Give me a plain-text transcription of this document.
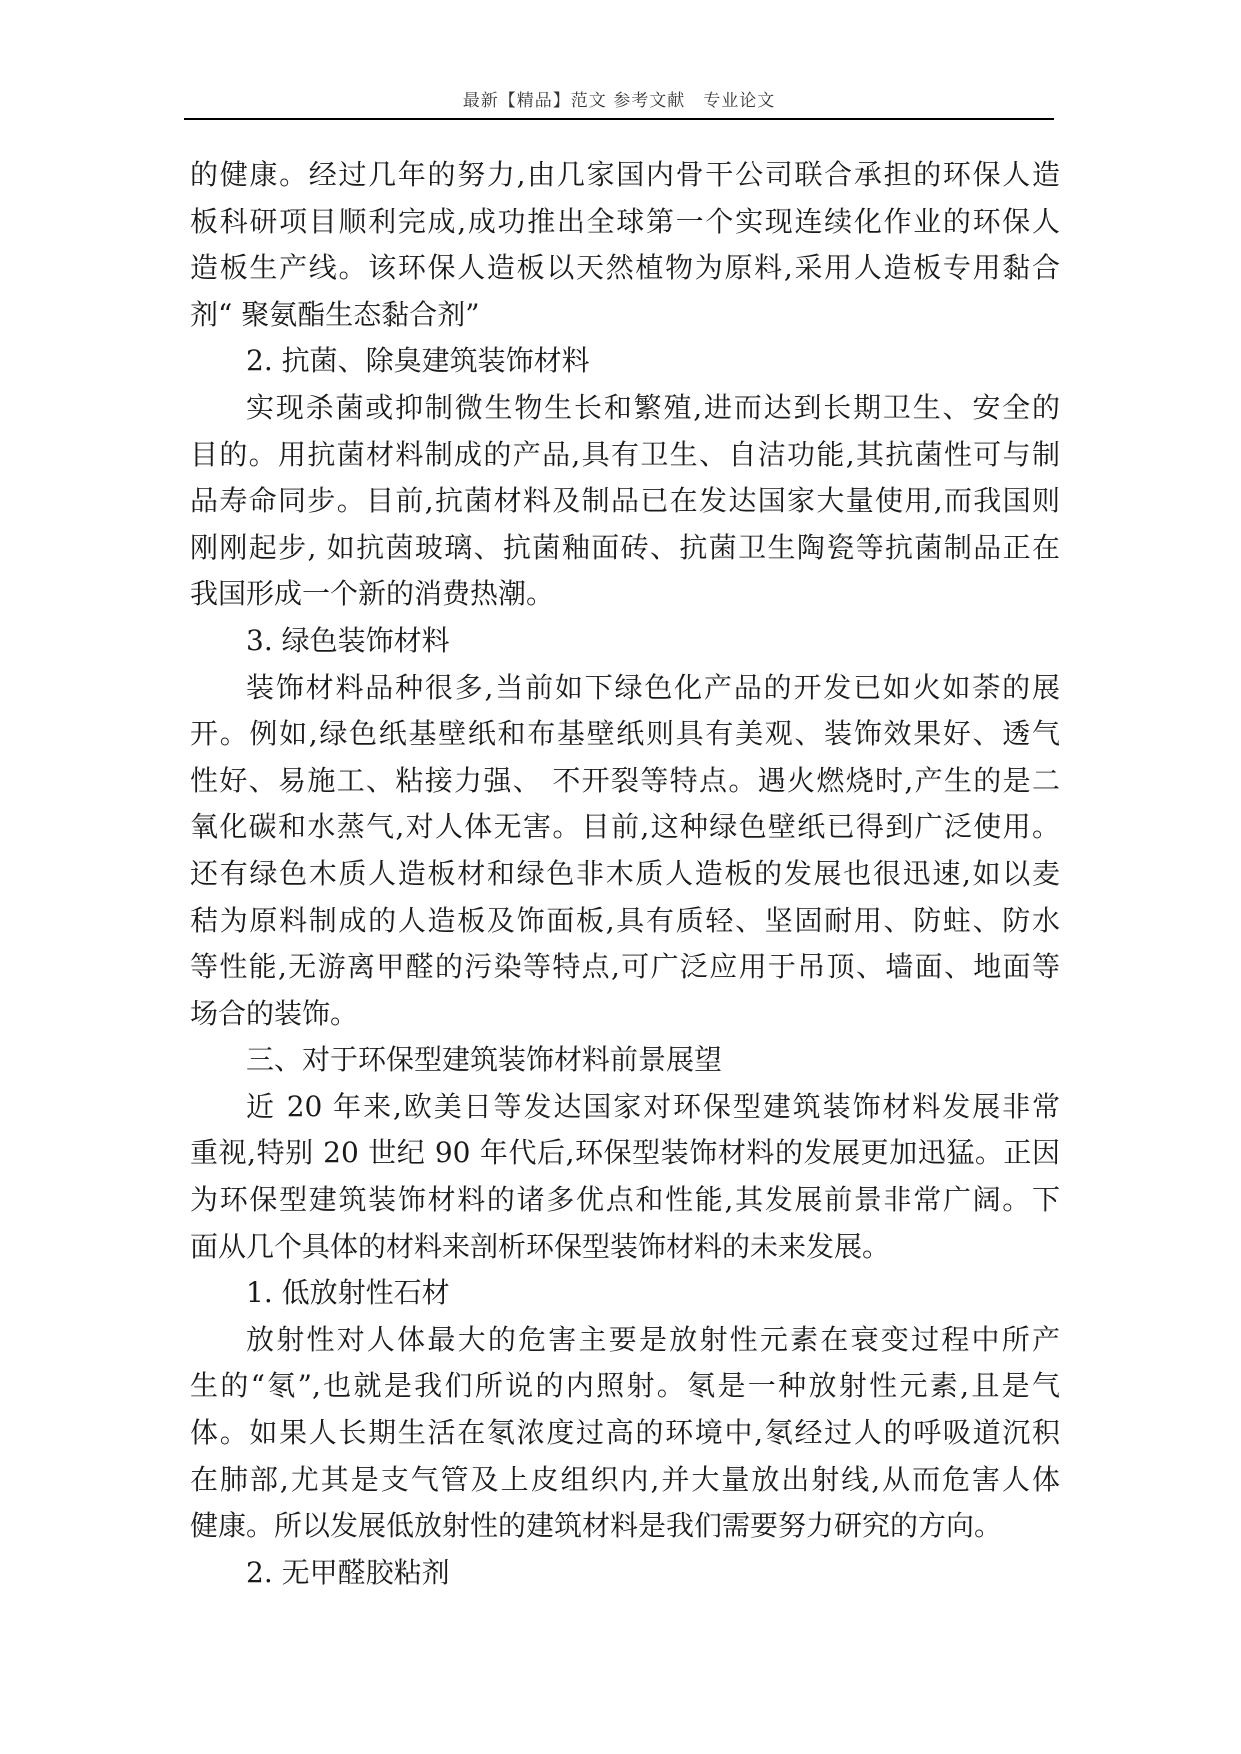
最新【精品】范文 参考文献　专业论文
的健康。经过几年的努力,由几家国内骨干公司联合承担的环保人造
板科研项目顺利完成,成功推出全球第一个实现连续化作业的环保人
造板生产线。该环保人造板以天然植物为原料,采用人造板专用黏合
剂“ 聚氨酯生态黏合剂”
2. 抗菌、除臭建筑装饰材料
实现杀菌或抑制微生物生长和繁殖,进而达到长期卫生、安全的
目的。用抗菌材料制成的产品,具有卫生、自洁功能,其抗菌性可与制
品寿命同步。目前,抗菌材料及制品已在发达国家大量使用,而我国则
刚刚起步, 如抗茵玻璃、抗菌釉面砖、抗菌卫生陶瓷等抗菌制品正在
我国形成一个新的消费热潮。
3. 绿色装饰材料
装饰材料品种很多,当前如下绿色化产品的开发已如火如荼的展
开。例如,绿色纸基壁纸和布基壁纸则具有美观、装饰效果好、透气
性好、易施工、粘接力强、 不开裂等特点。遇火燃烧时,产生的是二
氧化碳和水蒸气,对人体无害。目前,这种绿色壁纸已得到广泛使用。
还有绿色木质人造板材和绿色非木质人造板的发展也很迅速,如以麦
秸为原料制成的人造板及饰面板,具有质轻、坚固耐用、防蛀、防水
等性能,无游离甲醛的污染等特点,可广泛应用于吊顶、墙面、地面等
场合的装饰。
三、对于环保型建筑装饰材料前景展望
近 20 年来,欧美日等发达国家对环保型建筑装饰材料发展非常
重视,特别 20 世纪 90 年代后,环保型装饰材料的发展更加迅猛。正因
为环保型建筑装饰材料的诸多优点和性能,其发展前景非常广阔。下
面从几个具体的材料来剖析环保型装饰材料的未来发展。
1. 低放射性石材
放射性对人体最大的危害主要是放射性元素在衰变过程中所产
生的“氡”,也就是我们所说的内照射。氡是一种放射性元素,且是气
体。如果人长期生活在氡浓度过高的环境中,氡经过人的呼吸道沉积
在肺部,尤其是支气管及上皮组织内,并大量放出射线,从而危害人体
健康。所以发展低放射性的建筑材料是我们需要努力研究的方向。
2. 无甲醛胶粘剂
